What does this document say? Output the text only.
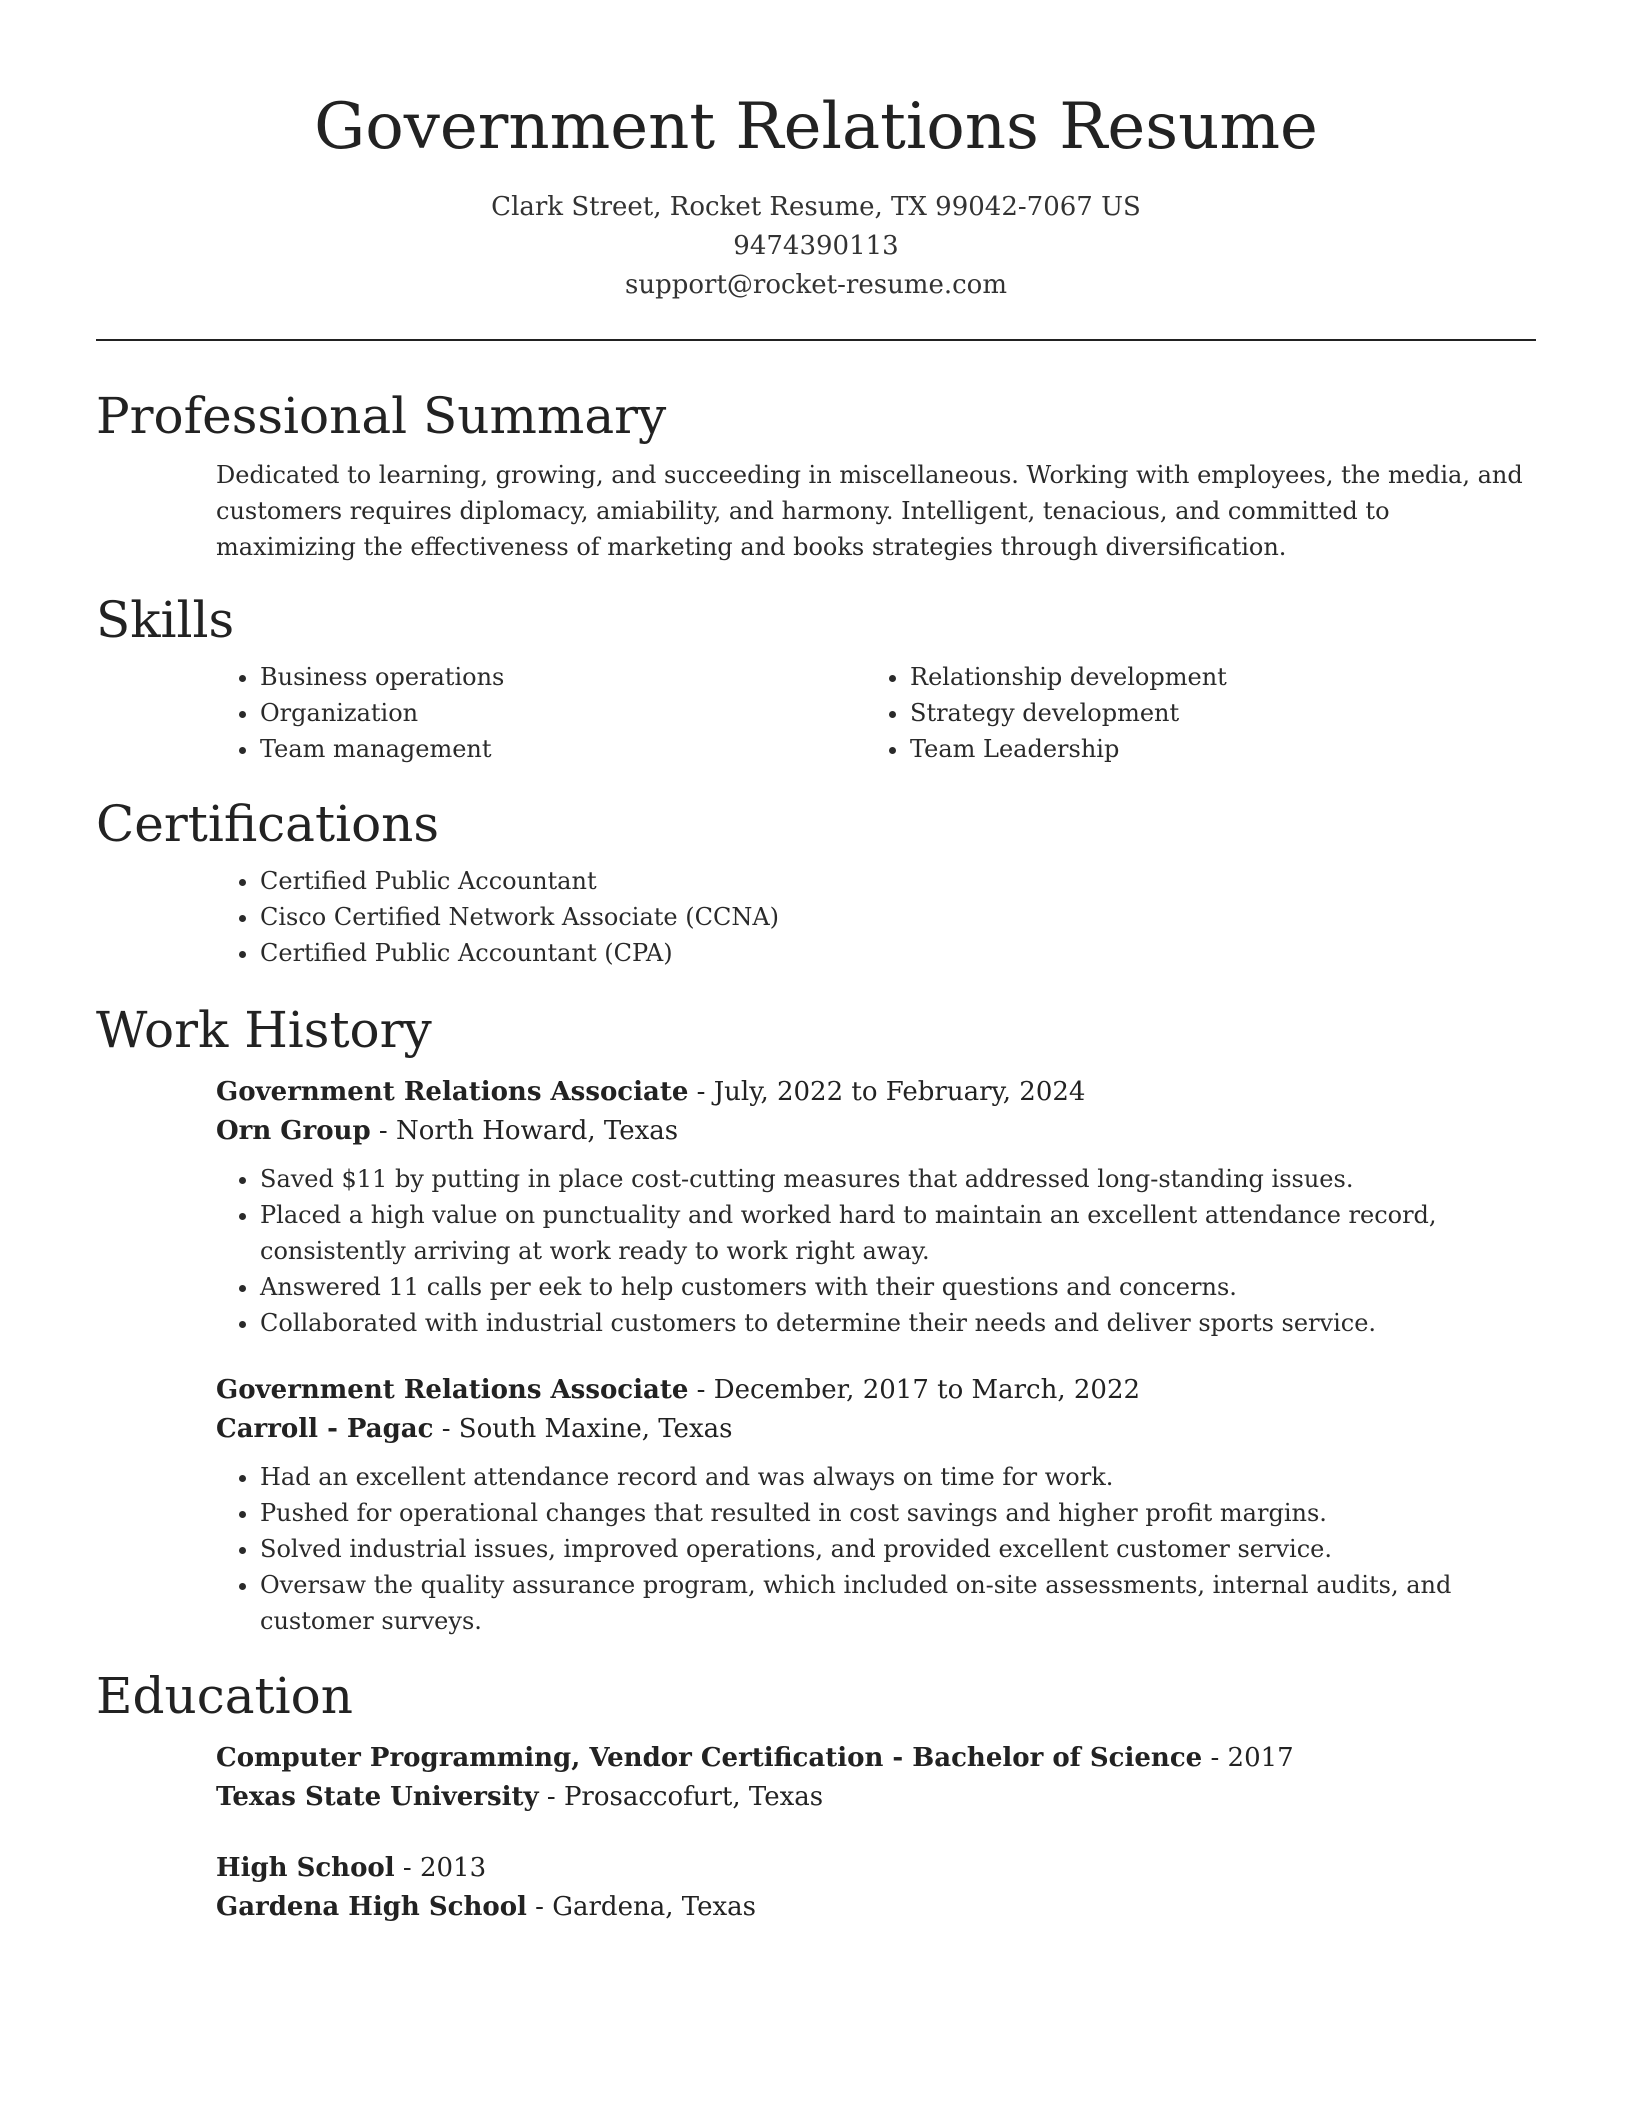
Government Relations Resume
Clark Street, Rocket Resume, TX 99042-7067 US
9474390113
support@rocket-resume.com
Professional Summary
Dedicated to learning, growing, and succeeding in miscellaneous. Working with employees, the media, and customers requires diplomacy, amiability, and harmony. Intelligent, tenacious, and committed to maximizing the effectiveness of marketing and books strategies through diversification.
Skills
• Business operations
• Organization
• Team management
• Relationship development
• Strategy development
• Team Leadership
Certifications
• Certified Public Accountant
• Cisco Certified Network Associate (CCNA)
• Certified Public Accountant (CPA)
Work History
Government Relations Associate - July, 2022 to February, 2024
Orn Group - North Howard, Texas
• Saved $11 by putting in place cost-cutting measures that addressed long-standing issues.
• Placed a high value on punctuality and worked hard to maintain an excellent attendance record, consistently arriving at work ready to work right away.
• Answered 11 calls per eek to help customers with their questions and concerns.
• Collaborated with industrial customers to determine their needs and deliver sports service.
Government Relations Associate - December, 2017 to March, 2022
Carroll - Pagac - South Maxine, Texas
• Had an excellent attendance record and was always on time for work.
• Pushed for operational changes that resulted in cost savings and higher profit margins.
• Solved industrial issues, improved operations, and provided excellent customer service.
• Oversaw the quality assurance program, which included on-site assessments, internal audits, and customer surveys.
Education
Computer Programming, Vendor Certification - Bachelor of Science - 2017
Texas State University - Prosaccofurt, Texas
High School - 2013
Gardena High School - Gardena, Texas
